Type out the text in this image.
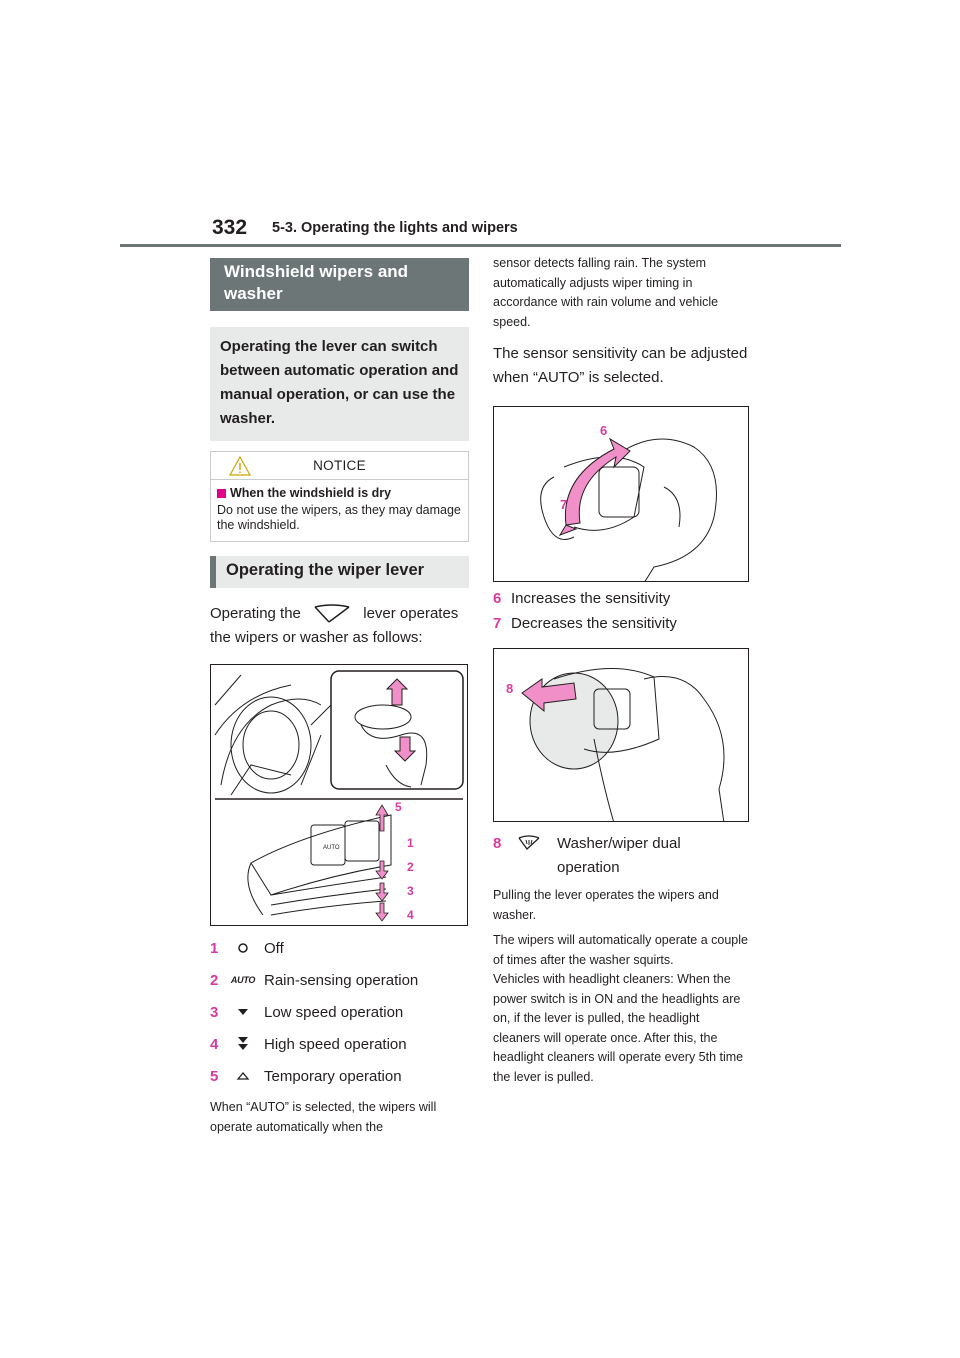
332 5-3. Operating the lights and wipers
Windshield wipers and washer
Operating the lever can switch between automatic operation and manual operation, or can use the washer.
NOTICE
When the windshield is dry
Do not use the wipers, as they may damage the windshield.
Operating the wiper lever
Operating the	lever operates the wipers or washer as follows:
AUTO
5
1
2
3
4
1	Off
2	AUTO Rain-sensing operation
3	Low speed operation
4	High speed operation
5	Temporary operation
When “AUTO” is selected, the wipers will operate automatically when the
sensor detects falling rain. The system automatically adjusts wiper timing in accordance with rain volume and vehicle speed.
The sensor sensitivity can be adjusted when “AUTO” is selected.
6
7
6 Increases the sensitivity
7 Decreases the sensitivity
8
8	Washer/wiper dual operation
Pulling the lever operates the wipers and washer.
The wipers will automatically operate a couple of times after the washer squirts.
Vehicles with headlight cleaners: When the power switch is in ON and the headlights are on, if the lever is pulled, the headlight cleaners will operate once. After this, the headlight cleaners will operate every 5th time the lever is pulled.
